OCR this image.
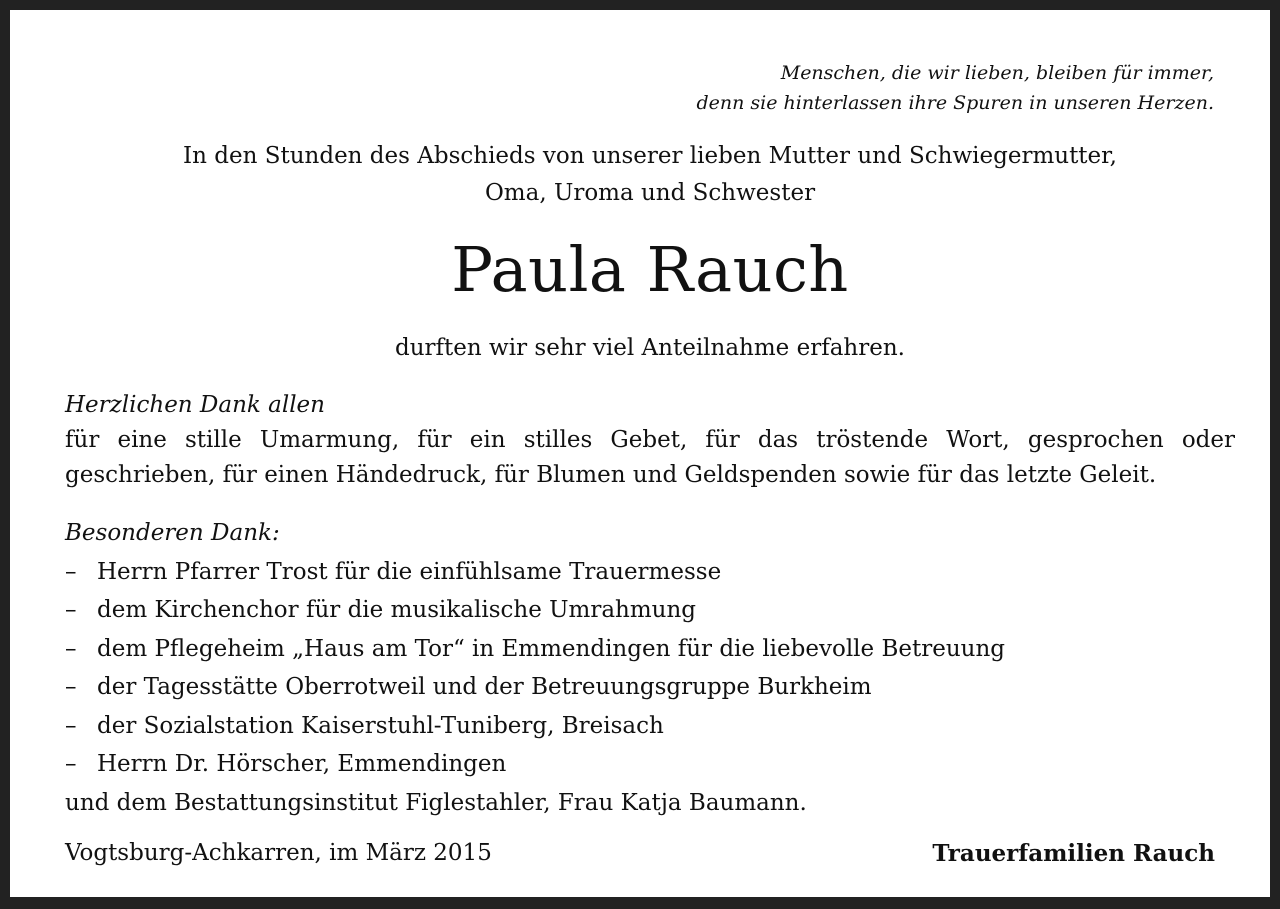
Menschen, die wir lieben, bleiben für immer,
denn sie hinterlassen ihre Spuren in unseren Herzen.
In den Stunden des Abschieds von unserer lieben Mutter und Schwiegermutter,
Oma, Uroma und Schwester
Paula Rauch
durften wir sehr viel Anteilnahme erfahren.
Herzlichen Dank allen
für eine stille Umarmung, für ein stilles Gebet, für das tröstende Wort, gesprochen oder geschrieben, für einen Händedruck, für Blumen und Geldspenden sowie für das letzte Geleit.
Besonderen Dank:
– Herrn Pfarrer Trost für die einfühlsame Trauermesse
– dem Kirchenchor für die musikalische Umrahmung
– dem Pflegeheim „Haus am Tor“ in Emmendingen für die liebevolle Betreuung
– der Tagesstätte Oberrotweil und der Betreuungsgruppe Burkheim
– der Sozialstation Kaiserstuhl-Tuniberg, Breisach
– Herrn Dr. Hörscher, Emmendingen
und dem Bestattungsinstitut Figlestahler, Frau Katja Baumann.
Vogtsburg-Achkarren, im März 2015	Trauerfamilien Rauch
